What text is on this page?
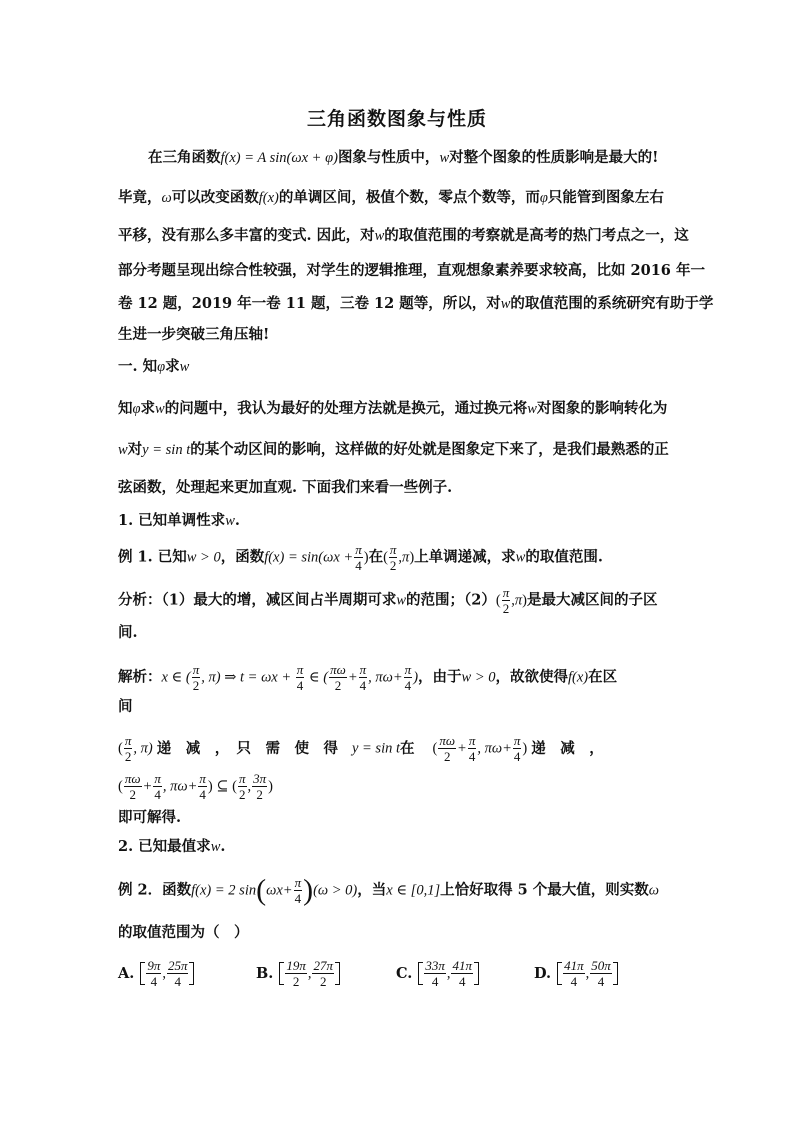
三角函数图象与性质
在三角函数f(x) = A sin(ωx + φ)图象与性质中，w对整个图象的性质影响是最大的!
毕竟，ω可以改变函数f(x)的单调区间，极值个数，零点个数等，而φ只能管到图象左右
平移，没有那么多丰富的变式. 因此，对w的取值范围的考察就是高考的热门考点之一，这
部分考题呈现出综合性较强，对学生的逻辑推理，直观想象素养要求较高，比如 2016 年一
卷 12 题，2019 年一卷 11 题，三卷 12 题等，所以，对w的取值范围的系统研究有助于学
生进一步突破三角压轴!
一. 知φ求w
知φ求w的问题中，我认为最好的处理方法就是换元，通过换元将w对图象的影响转化为
w对y = sin t的某个动区间的影响，这样做的好处就是图象定下来了，是我们最熟悉的正
弦函数，处理起来更加直观. 下面我们来看一些例子.
1. 已知单调性求w.
例 1. 已知w > 0，函数$f(x) = \sin(\omega x + \frac{\pi}{4}$ )在( $\frac{\pi}{2} ,\pi$)上单调递减，求w的取值范围.
分析：（1）最大的增，减区间占半周期可求w的范围；$(2)( \frac{\pi}{2} ,\pi)$是最大减区间的子区
间.
解析：x ∈ ( $\frac{\pi}{2}$ , π) ⇒ $t = \omega x + \frac{\pi}{4}$ ∈ ( $\frac{\pi\omega}{2} + \frac{\pi}{4}$ , $\pi\omega+ \frac{\pi}{4}$ )，由于w > 0，故欲使得f(x)在区
间
( $\frac{\pi}{2}$ , π) 递　减　，　只　需　使　得 y = sin t在 ( $\frac{\pi\omega}{2} + \frac{\pi}{4}$ , $\pi\omega+ \frac{\pi}{4}$ ) 递　减　，
( $\frac{\pi\omega}{2} + \frac{\pi}{4}$ , $\pi\omega+ \frac{\pi}{4}$ ) ⊆ ( $\frac{\pi}{2}$ , $\frac{3\pi}{2}$ )
即可解得.
2. 已知最值求w.
例 2．函数f(x) = 2 $\sin(\omega x+ \frac{\pi}{4} )(\omega > 0)$，当x ∈ [0,1]上恰好取得 5 个最大值，则实数ω
的取值范围为（　）
A. $\frac{9\pi}{4}$ , $\frac{25\pi}{4}$	B. $\frac{19\pi}{2}$ , $\frac{27\pi}{2}$	C. $\frac{33\pi}{4}$ , $\frac{41\pi}{4}$	D. $\frac{41\pi}{4}$ , $\frac{50\pi}{4}$
